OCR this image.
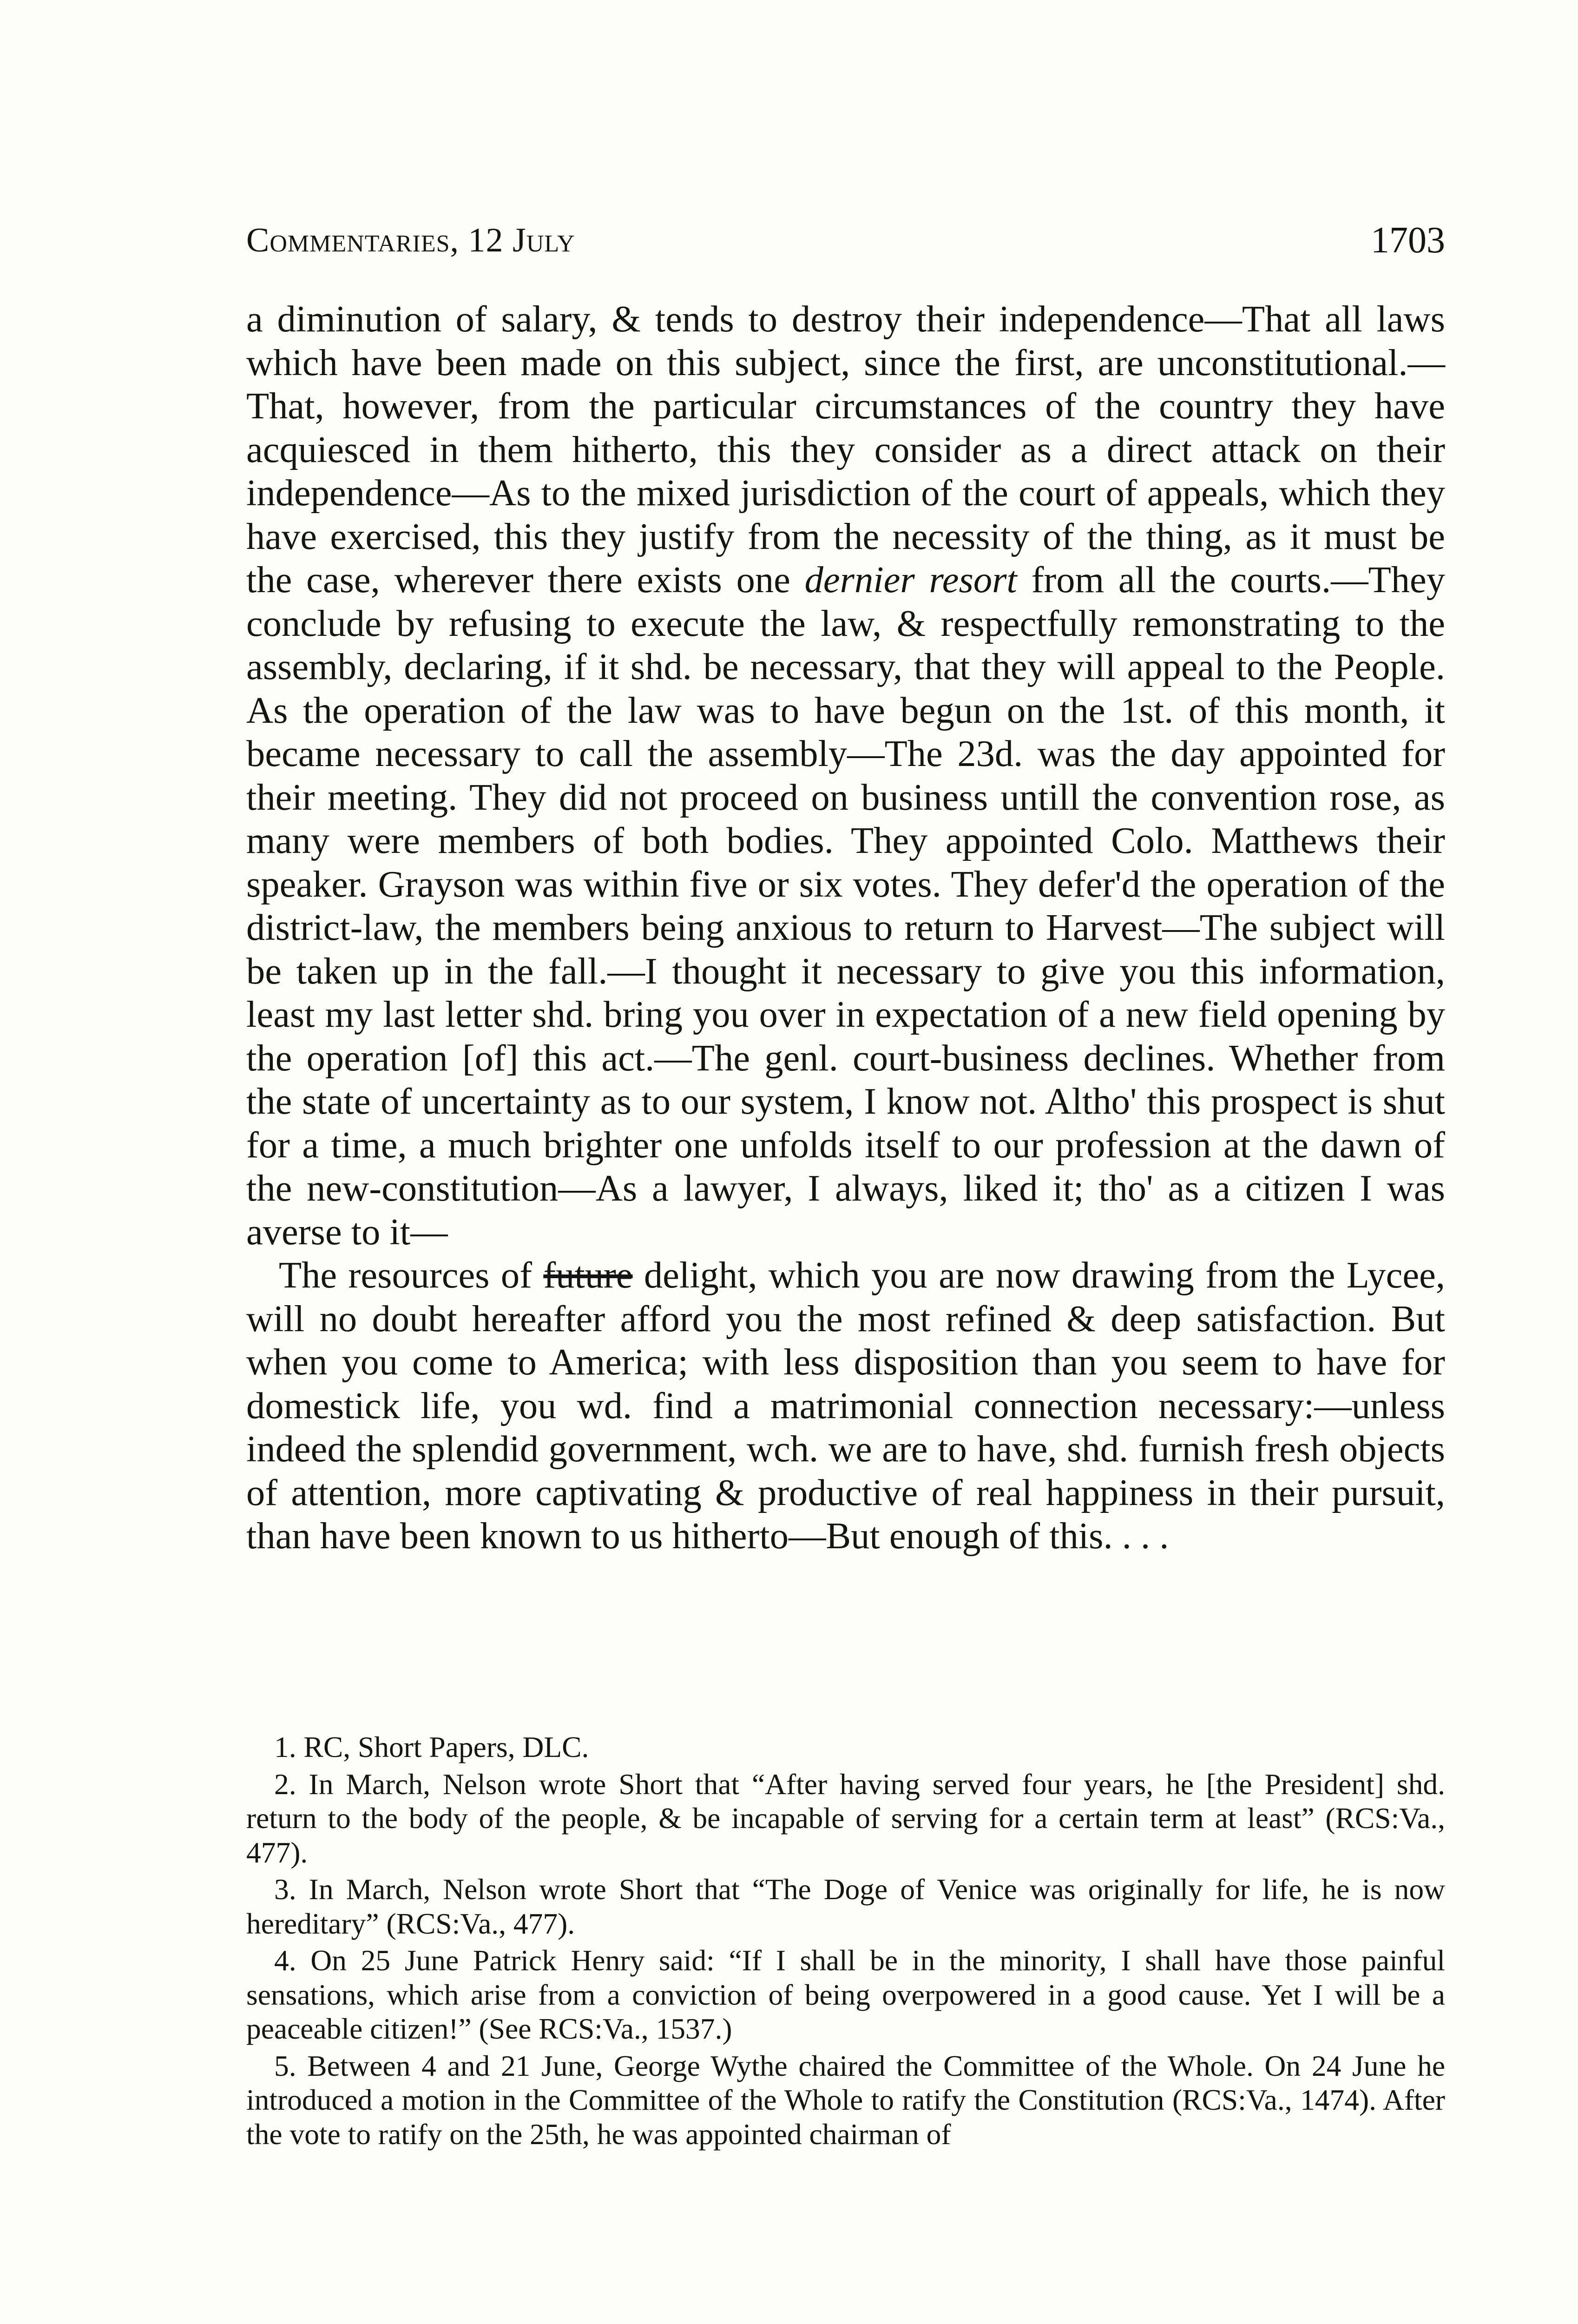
Commentaries, 12 July	1703

a diminution of salary, & tends to destroy their independence—That all laws which have been made on this subject, since the first, are unconstitutional.—That, however, from the particular circumstances of the country they have acquiesced in them hitherto, this they consider as a direct attack on their independence—As to the mixed jurisdiction of the court of appeals, which they have exercised, this they justify from the necessity of the thing, as it must be the case, wherever there exists one dernier resort from all the courts.—They conclude by refusing to execute the law, & respectfully remonstrating to the assembly, declaring, if it shd. be necessary, that they will appeal to the People. As the operation of the law was to have begun on the 1st. of this month, it became necessary to call the assembly—The 23d. was the day appointed for their meeting. They did not proceed on business untill the convention rose, as many were members of both bodies. They appointed Colo. Matthews their speaker. Grayson was within five or six votes. They defer'd the operation of the district-law, the members being anxious to return to Harvest—The subject will be taken up in the fall.—I thought it necessary to give you this information, least my last letter shd. bring you over in expectation of a new field opening by the operation [of] this act.—The genl. court-business declines. Whether from the state of uncertainty as to our system, I know not. Altho' this prospect is shut for a time, a much brighter one unfolds itself to our profession at the dawn of the new-constitution—As a lawyer, I always, liked it; tho' as a citizen I was averse to it—

The resources of future delight, which you are now drawing from the Lycee, will no doubt hereafter afford you the most refined & deep satisfaction. But when you come to America; with less disposition than you seem to have for domestick life, you wd. find a matrimonial connection necessary:—unless indeed the splendid government, wch. we are to have, shd. furnish fresh objects of attention, more captivating & productive of real happiness in their pursuit, than have been known to us hitherto—But enough of this. . . .

1. RC, Short Papers, DLC.

2. In March, Nelson wrote Short that “After having served four years, he [the President] shd. return to the body of the people, & be incapable of serving for a certain term at least” (RCS:Va., 477).

3. In March, Nelson wrote Short that “The Doge of Venice was originally for life, he is now hereditary” (RCS:Va., 477).

4. On 25 June Patrick Henry said: “If I shall be in the minority, I shall have those painful sensations, which arise from a conviction of being overpowered in a good cause. Yet I will be a peaceable citizen!” (See RCS:Va., 1537.)

5. Between 4 and 21 June, George Wythe chaired the Committee of the Whole. On 24 June he introduced a motion in the Committee of the Whole to ratify the Constitution (RCS:Va., 1474). After the vote to ratify on the 25th, he was appointed chairman of
